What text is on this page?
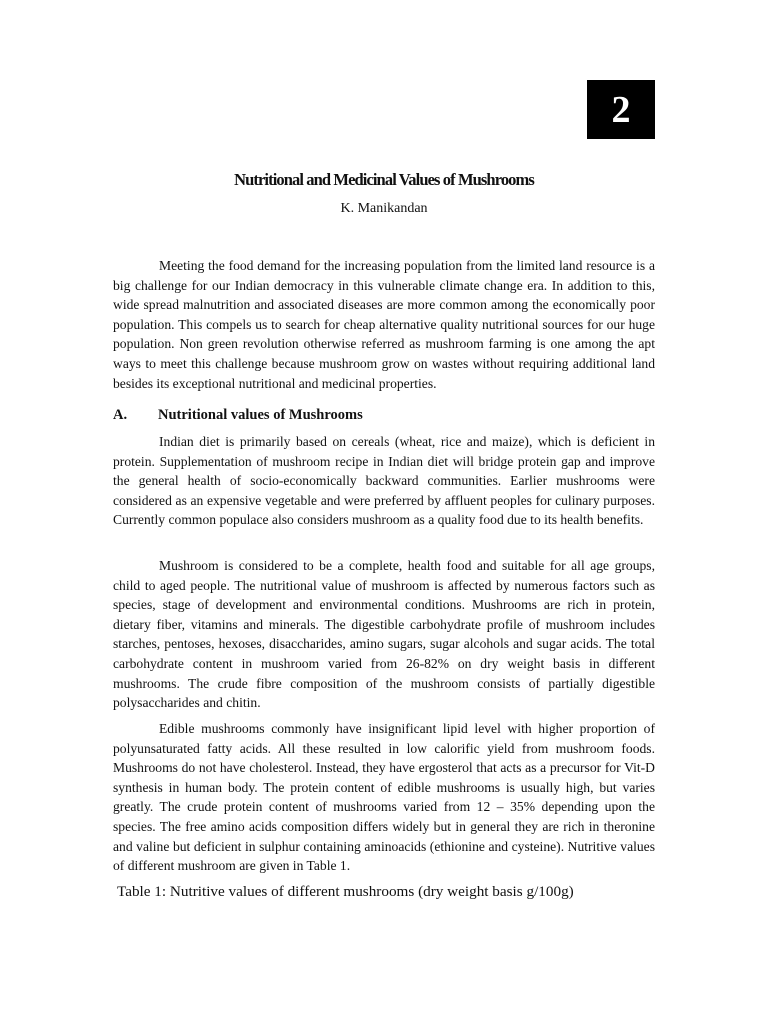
2
Nutritional and Medicinal Values of Mushrooms
K. Manikandan

Meeting the food demand for the increasing population from the limited land resource is a big challenge for our Indian democracy in this vulnerable climate change era. In addition to this, wide spread malnutrition and associated diseases are more common among the economically poor population. This compels us to search for cheap alternative quality nutritional sources for our huge population. Non green revolution otherwise referred as mushroom farming is one among the apt ways to meet this challenge because mushroom grow on wastes without requiring additional land besides its exceptional nutritional and medicinal properties.

A.	Nutritional values of Mushrooms

Indian diet is primarily based on cereals (wheat, rice and maize), which is deficient in protein. Supplementation of mushroom recipe in Indian diet will bridge protein gap and improve the general health of socio-economically backward communities. Earlier mushrooms were considered as an expensive vegetable and were preferred by affluent peoples for culinary purposes. Currently common populace also considers mushroom as a quality food due to its health benefits.

Mushroom is considered to be a complete, health food and suitable for all age groups, child to aged people. The nutritional value of mushroom is affected by numerous factors such as species, stage of development and environmental conditions. Mushrooms are rich in protein, dietary fiber, vitamins and minerals. The digestible carbohydrate profile of mushroom includes starches, pentoses, hexoses, disaccharides, amino sugars, sugar alcohols and sugar acids. The total carbohydrate content in mushroom varied from 26-82% on dry weight basis in different mushrooms. The crude fibre composition of the mushroom consists of partially digestible polysaccharides and chitin.

Edible mushrooms commonly have insignificant lipid level with higher proportion of polyunsaturated fatty acids. All these resulted in low calorific yield from mushroom foods. Mushrooms do not have cholesterol. Instead, they have ergosterol that acts as a precursor for Vit-D synthesis in human body. The protein content of edible mushrooms is usually high, but varies greatly. The crude protein content of mushrooms varied from 12 – 35% depending upon the species. The free amino acids composition differs widely but in general they are rich in theronine and valine but deficient in sulphur containing aminoacids (ethionine and cysteine). Nutritive values of different mushroom are given in Table 1.

Table 1: Nutritive values of different mushrooms (dry weight basis g/100g)
